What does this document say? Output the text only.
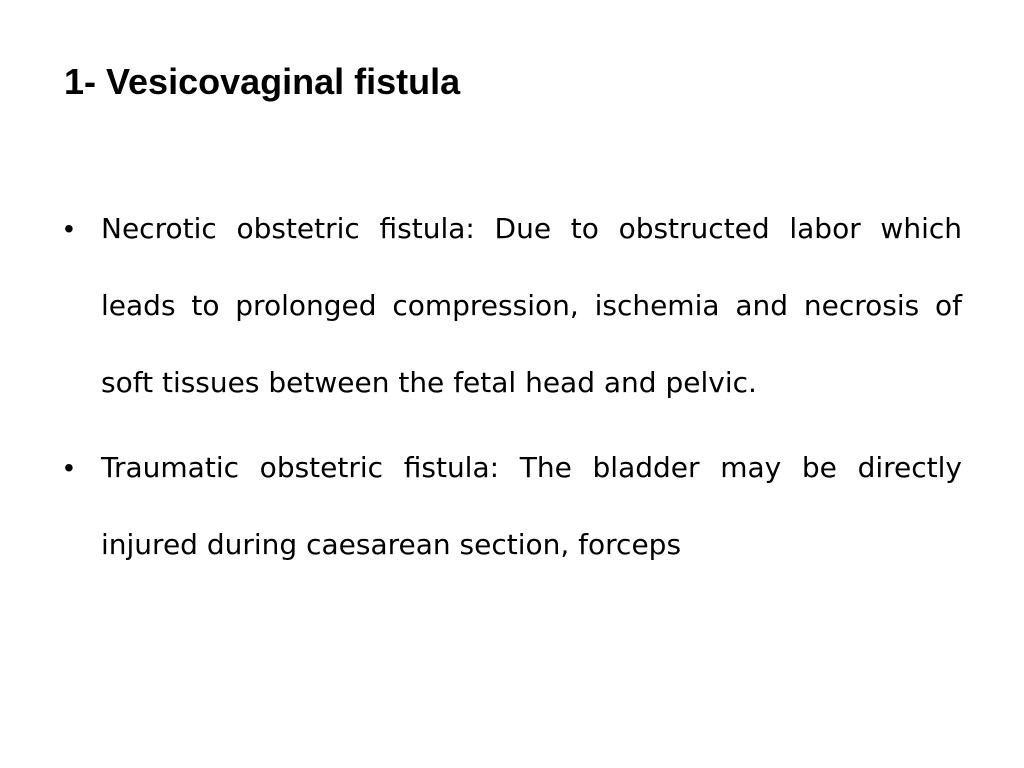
1- Vesicovaginal fistula
• Necrotic obstetric fistula: Due to obstructed labor which leads to prolonged compression, ischemia and necrosis of soft tissues between the fetal head and pelvic.
• Traumatic obstetric fistula: The bladder may be directly injured during caesarean section, forceps
